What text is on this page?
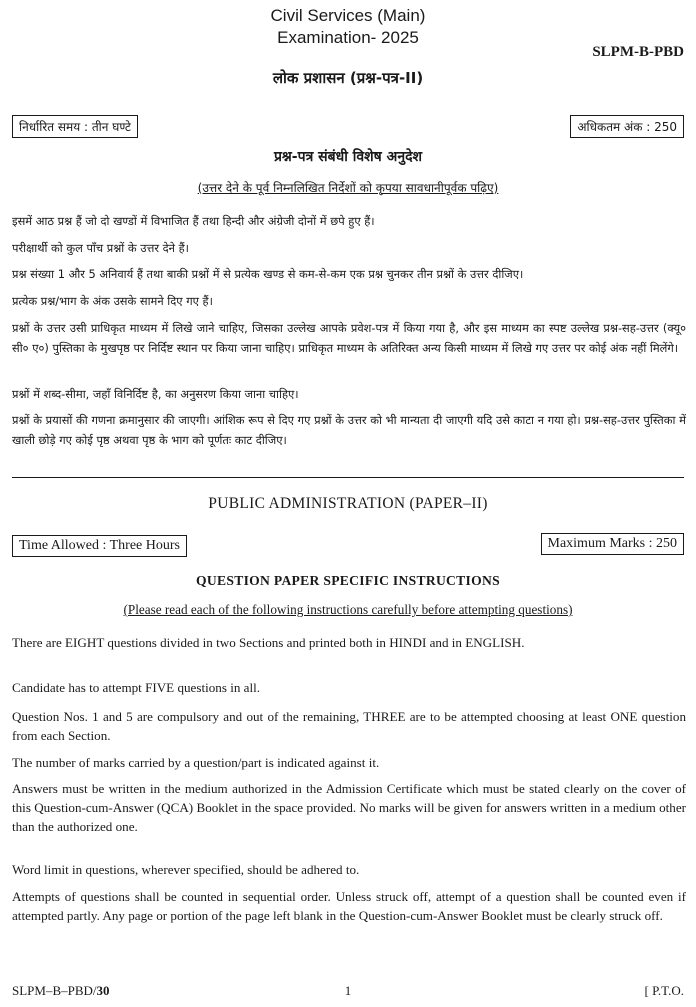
Civil Services (Main)
Examination- 2025
SLPM-B-PBD
लोक प्रशासन (प्रश्न-पत्र-II)
निर्धारित समय : तीन घण्टे	अधिकतम अंक : 250
प्रश्न-पत्र संबंधी विशेष अनुदेश
(उत्तर देने के पूर्व निम्नलिखित निर्देशों को कृपया सावधानीपूर्वक पढ़िए)

इसमें आठ प्रश्न हैं जो दो खण्डों में विभाजित हैं तथा हिन्दी और अंग्रेजी दोनों में छपे हुए हैं।

परीक्षार्थी को कुल पाँच प्रश्नों के उत्तर देने हैं।

प्रश्न संख्या 1 और 5 अनिवार्य हैं तथा बाकी प्रश्नों में से प्रत्येक खण्ड से कम-से-कम एक प्रश्न चुनकर तीन प्रश्नों के उत्तर दीजिए।

प्रत्येक प्रश्न/भाग के अंक उसके सामने दिए गए हैं।

प्रश्नों के उत्तर उसी प्राधिकृत माध्यम में लिखे जाने चाहिए, जिसका उल्लेख आपके प्रवेश-पत्र में किया गया है, और इस माध्यम का स्पष्ट उल्लेख प्रश्न-सह-उत्तर (क्यू० सी० ए०) पुस्तिका के मुखपृष्ठ पर निर्दिष्ट स्थान पर किया जाना चाहिए। प्राधिकृत माध्यम के अतिरिक्त अन्य किसी माध्यम में लिखे गए उत्तर पर कोई अंक नहीं मिलेंगे।

प्रश्नों में शब्द-सीमा, जहाँ विनिर्दिष्ट है, का अनुसरण किया जाना चाहिए।

प्रश्नों के प्रयासों की गणना क्रमानुसार की जाएगी। आंशिक रूप से दिए गए प्रश्नों के उत्तर को भी मान्यता दी जाएगी यदि उसे काटा न गया हो। प्रश्न-सह-उत्तर पुस्तिका में खाली छोड़े गए कोई पृष्ठ अथवा पृष्ठ के भाग को पूर्णतः काट दीजिए।

PUBLIC ADMINISTRATION (PAPER–II)
Time Allowed : Three Hours	Maximum Marks : 250
QUESTION PAPER SPECIFIC INSTRUCTIONS
(Please read each of the following instructions carefully before attempting questions)

There are EIGHT questions divided in two Sections and printed both in HINDI and in ENGLISH.

Candidate has to attempt FIVE questions in all.

Question Nos. 1 and 5 are compulsory and out of the remaining, THREE are to be attempted choosing at least ONE question from each Section.

The number of marks carried by a question/part is indicated against it.

Answers must be written in the medium authorized in the Admission Certificate which must be stated clearly on the cover of this Question-cum-Answer (QCA) Booklet in the space provided. No marks will be given for answers written in a medium other than the authorized one.

Word limit in questions, wherever specified, should be adhered to.

Attempts of questions shall be counted in sequential order. Unless struck off, attempt of a question shall be counted even if attempted partly. Any page or portion of the page left blank in the Question-cum-Answer Booklet must be clearly struck off.

SLPM–B–PBD/30	1	[ P.T.O.
